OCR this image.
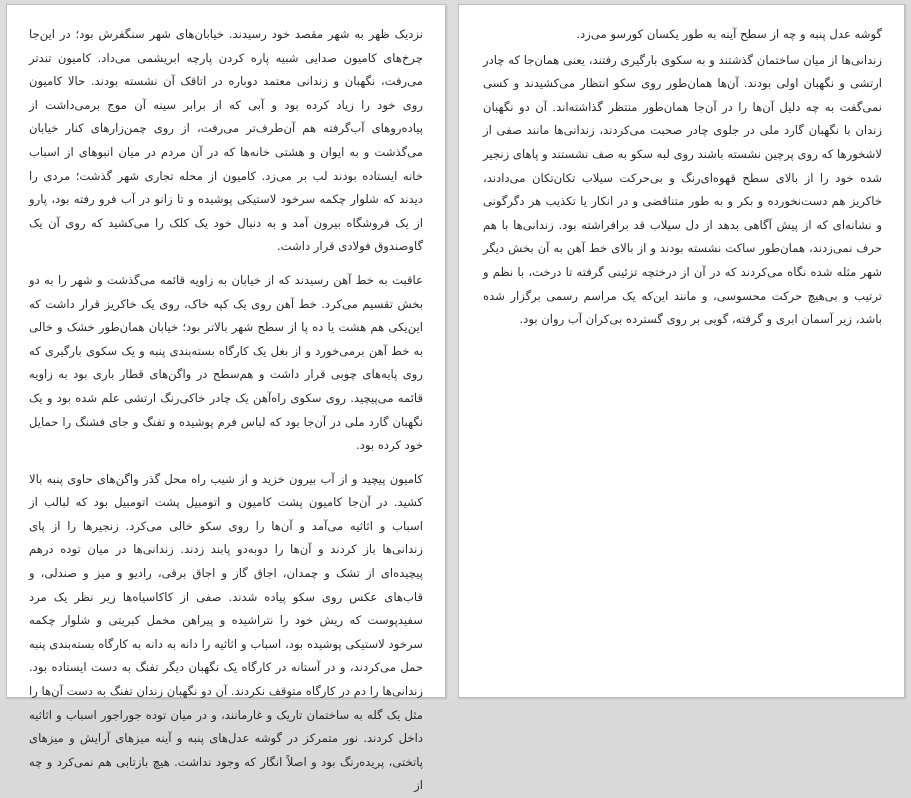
نزدیک ظهر به شهر مقصد خود رسیدند. خیابان‌های شهر سنگفرش بود؛ در این‌جا چرخ‌های کامیون صدایی شبیه پاره کردن پارچه ابریشمی می‌داد. کامیون تندتر می‌رفت، نگهبان و زندانی معتمد دوباره در اتاقک آن نشسته بودند. حالا کامیون روی خود را زیاد کرده بود و آبی که از برابر سینه آن موج برمی‌داشت از پیاده‌روهای آب‌گرفته هم آن‌طرف‌تر می‌رفت، از روی چمن‌زارهای کنار خیابان می‌گذشت و به ایوان و هشتی خانه‌ها که در آن مردم در میان انبوهای از اسباب خانه ایستاده بودند لب بر می‌زد. کامیون از محله تجاری شهر گذشت؛ مردی را دیدند که شلوار چکمه سرخود لاستیکی پوشیده و تا زانو در آب فرو رفته بود، پارو از یک فروشگاه بیرون آمد و به دنبال خود یک کلک را می‌کشید که روی آن یک گاوصندوق فولادی قرار داشت.

عاقبت به خط آهن رسیدند که از خیابان به زاویه قائمه می‌گذشت و شهر را به دو بخش تقسیم می‌کرد. خط آهن روی یک کپه خاک، روی یک خاکریز قرار داشت که این‌یکی هم هشت یا ده پا از سطح شهر بالاتر بود؛ خیابان همان‌طور خشک و خالی به خط آهن برمی‌خورد و از بغل یک کارگاه بسته‌بندی پنبه و یک سکوی بارگیری که روی پایه‌های چوبی قرار داشت و هم‌سطح در واگن‌های قطار باری بود به زاویه قائمه می‌پیچید. روی سکوی راه‌آهن یک چادر خاکی‌رنگ ارتشی علم شده بود و یک نگهبان گارد ملی در آن‌جا بود که لباس فرم پوشیده و تفنگ و جای فشنگ را حمایل خود کرده بود.

کامیون پیچید و از آب بیرون خزید و از شیب راه محل گذر واگن‌های حاوی پنبه بالا کشید. در آن‌جا کامیون پشت کامیون و اتومبیل پشت اتومبیل بود که لبالب از اسباب و اثاثیه می‌آمد و آن‌ها را روی سکو خالی می‌کرد. زنجیرها را از پای زندانی‌ها باز کردند و آن‌ها را دوبه‌دو پابند زدند. زندانی‌ها در میان توده درهم پیچیده‌ای از تشک و چمدان، اجاق گاز و اجاق برقی، رادیو و میز و صندلی، و قاب‌های عکس روی سکو پیاده شدند. صفی از کاکاسیاه‌ها زیر نظر یک مرد سفیدپوست که ریش خود را نتراشیده و پیراهن مخمل کبریتی و شلوار چکمه سرخود لاستیکی پوشیده بود، اسباب و اثاثیه را دانه به دانه به کارگاه بسته‌بندی پنبه حمل می‌کردند، و در آستانه در کارگاه یک نگهبان دیگر تفنگ به دست ایستاده بود. زندانی‌ها را دم در کارگاه متوقف نکردند. آن دو نگهبان زندان تفنگ به دست آن‌ها را مثل یک گله به ساختمان تاریک و غارمانند، و در میان توده جوراجور اسباب و اثاثیه داخل کردند. نور متمرکز در گوشه عدل‌های پنبه و آینه میزهای آرایش و میزهای پاتختی، پریده‌رنگ بود و اصلاً انگار که وجود نداشت. هیچ بازتابی هم نمی‌کرد و چه از

گوشه عدل پنبه و چه از سطح آینه به طور یکسان کورسو می‌زد.

زندانی‌ها از میان ساختمان گذشتند و به سکوی بارگیری رفتند، یعنی همان‌جا که چادر ارتشی و نگهبان اولی بودند. آن‌ها همان‌طور روی سکو انتظار می‌کشیدند و کسی نمی‌گفت به چه دلیل آن‌ها را در آن‌جا همان‌طور منتظر گذاشته‌اند. آن دو نگهبان زندان با نگهبان گارد ملی در جلوی چادر صحبت می‌کردند، زندانی‌ها مانند صفی از لاشخورها که روی پرچین نشسته باشند روی لبه سکو به صف نشستند و پاهای زنجیر شده خود را از بالای سطح قهوه‌ای‌رنگ و بی‌حرکت سیلاب تکان‌تکان می‌دادند، خاکریز هم دست‌نخورده و بکر و به طور متناقضی و در انکار یا تکذیب هر دگرگونی و نشانه‌ای که از پیش آگاهی بدهد از دل سیلاب قد برافراشته بود. زندانی‌ها با هم حرف نمی‌زدند، همان‌طور ساکت نشسته بودند و از بالای خط آهن به آن بخش دیگر شهر مثله شده نگاه می‌کردند که در آن از درختچه تزئینی گرفته تا درخت، با نظم و ترتیب و بی‌هیچ حرکت محسوسی، و مانند این‌که یک مراسم رسمی برگزار شده باشد، زیر آسمان ابری و گرفته، گویی بر روی گسترده بی‌کران آب روان بود.
